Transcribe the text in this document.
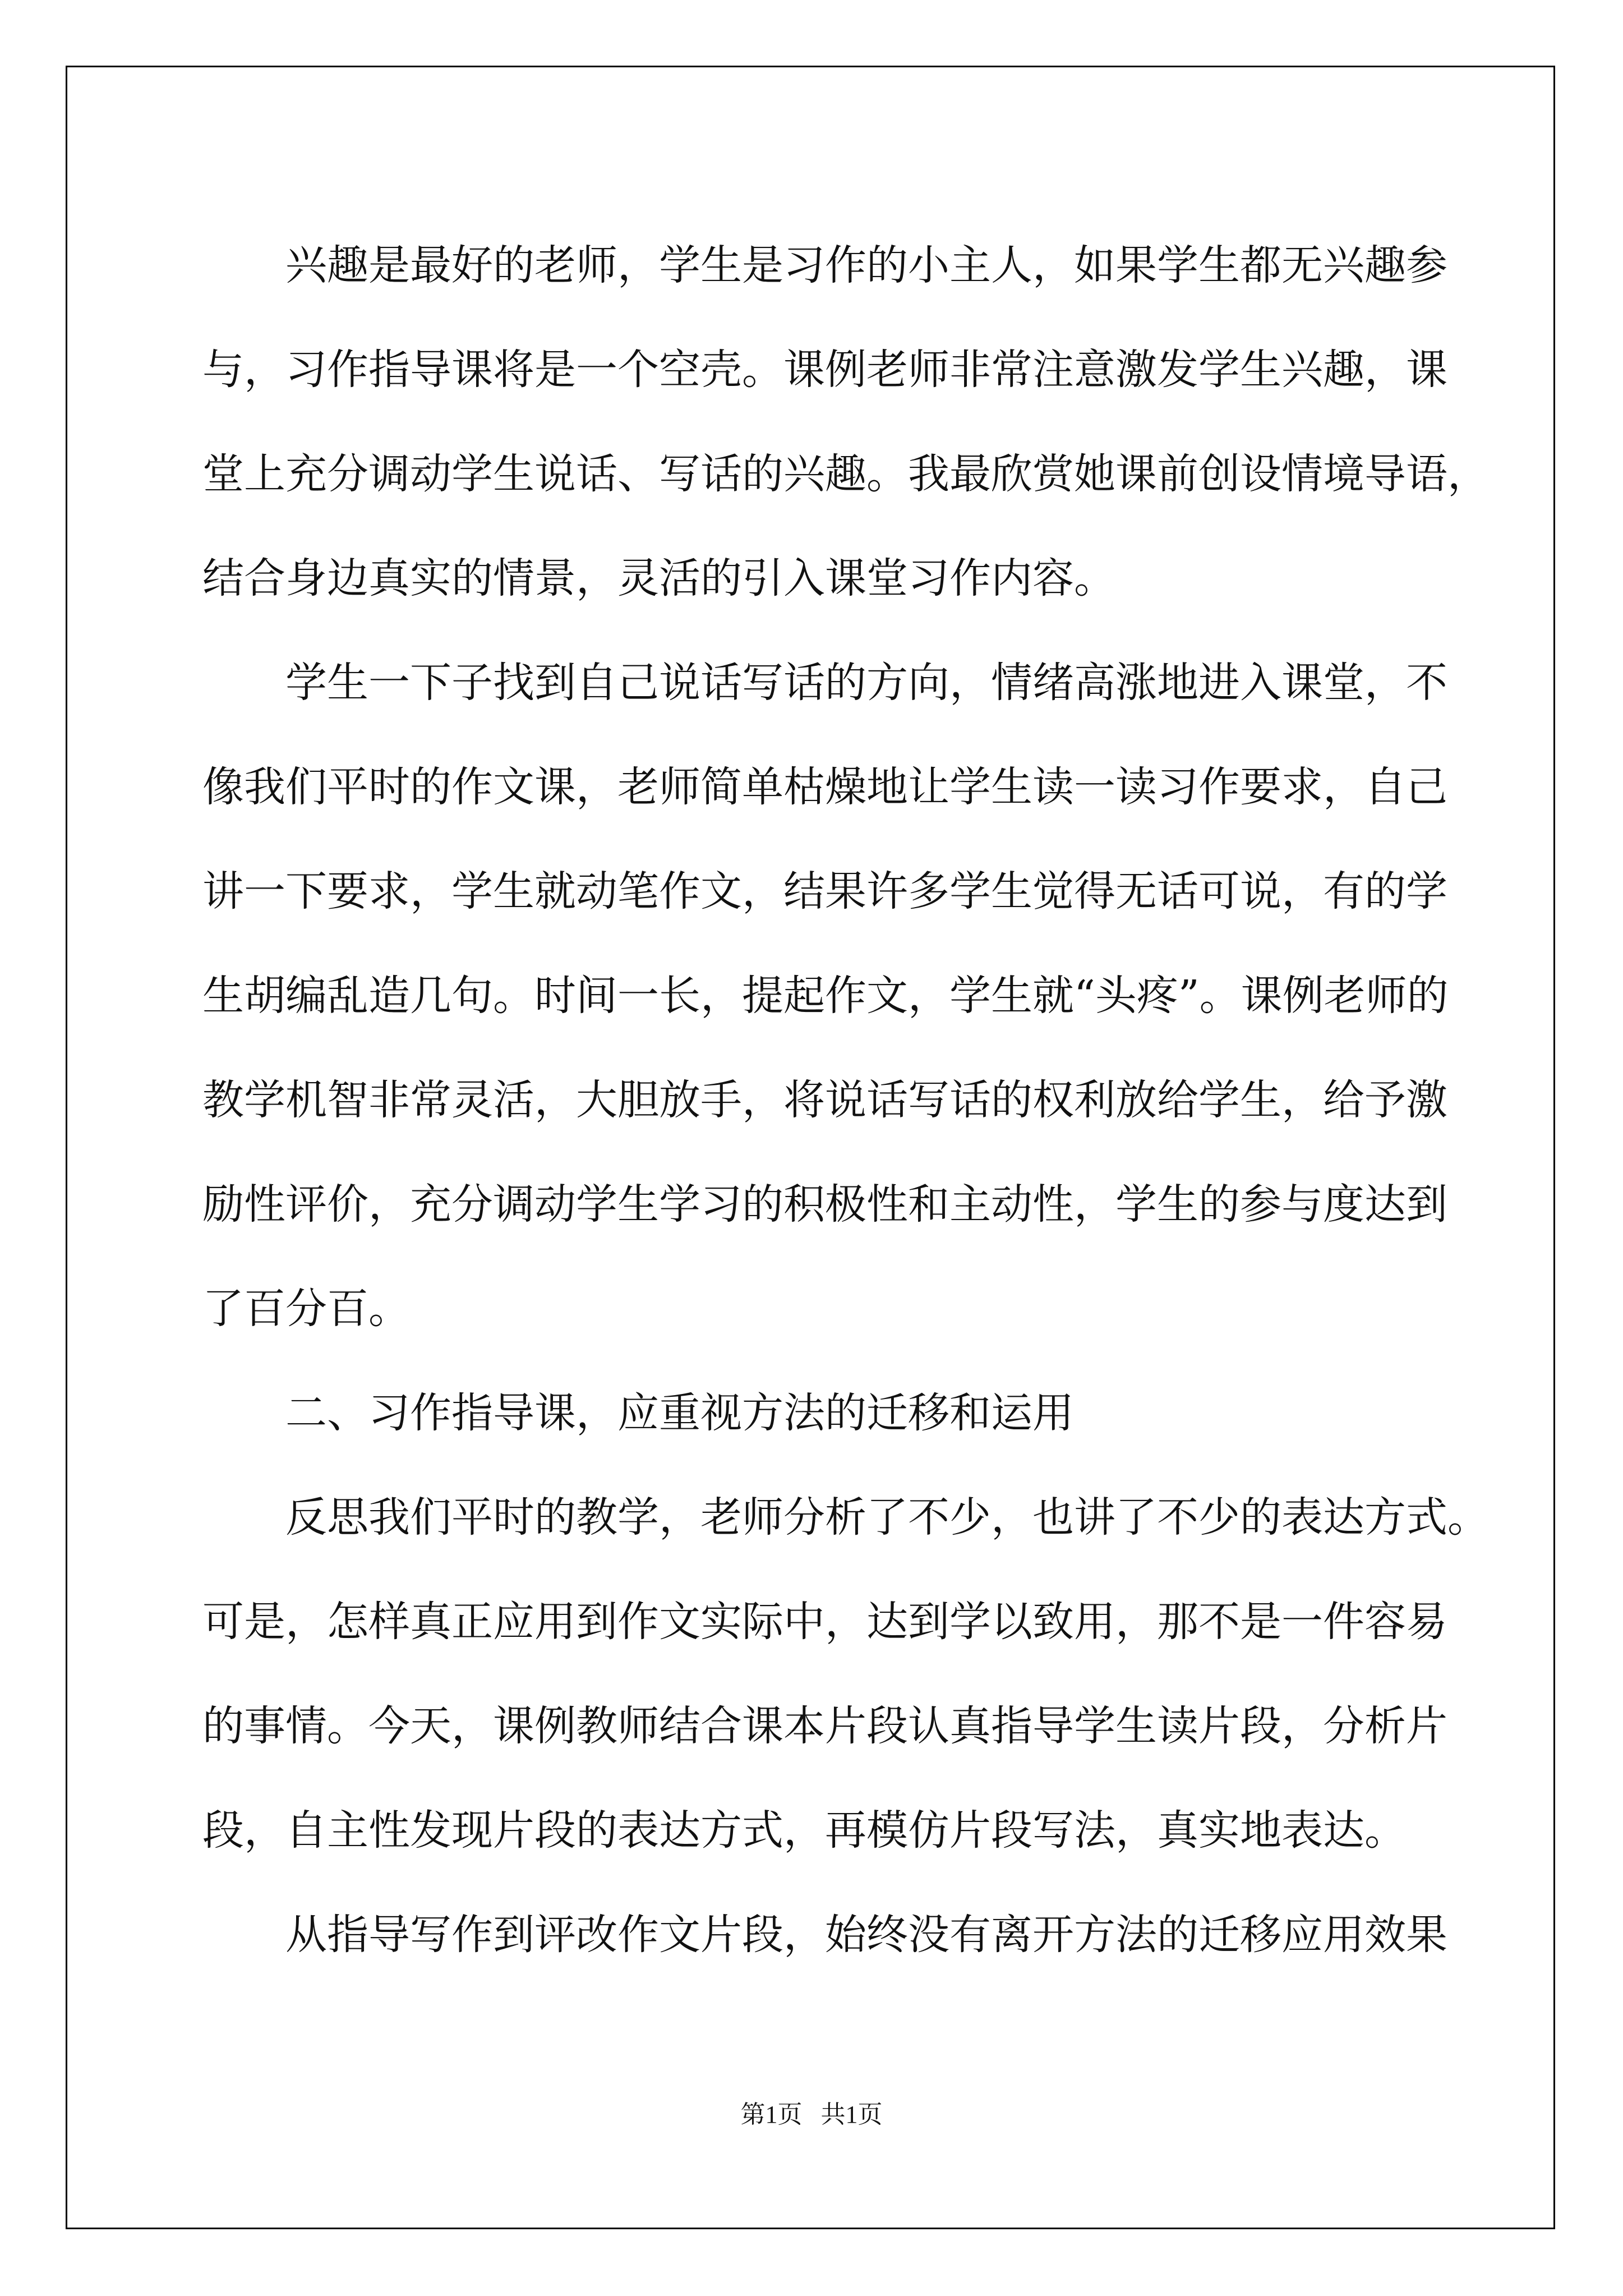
兴趣是最好的老师，学生是习作的小主人，如果学生都无兴趣参
与，习作指导课将是一个空壳。课例老师非常注意激发学生兴趣，课
堂上充分调动学生说话、写话的兴趣。我最欣赏她课前创设情境导语，
结合身边真实的情景，灵活的引入课堂习作内容。
学生一下子找到自己说话写话的方向，情绪高涨地进入课堂，不
像我们平时的作文课，老师简单枯燥地让学生读一读习作要求，自己
讲一下要求，学生就动笔作文，结果许多学生觉得无话可说，有的学
生胡编乱造几句。时间一长，提起作文，学生就“头疼”。课例老师的
教学机智非常灵活，大胆放手，将说话写话的权利放给学生，给予激
励性评价，充分调动学生学习的积极性和主动性，学生的参与度达到
了百分百。
二、习作指导课，应重视方法的迁移和运用
反思我们平时的教学，老师分析了不少，也讲了不少的表达方式。
可是，怎样真正应用到作文实际中，达到学以致用，那不是一件容易
的事情。今天，课例教师结合课本片段认真指导学生读片段，分析片
段，自主性发现片段的表达方式，再模仿片段写法，真实地表达。
从指导写作到评改作文片段，始终没有离开方法的迁移应用效果
第1页   共1页
